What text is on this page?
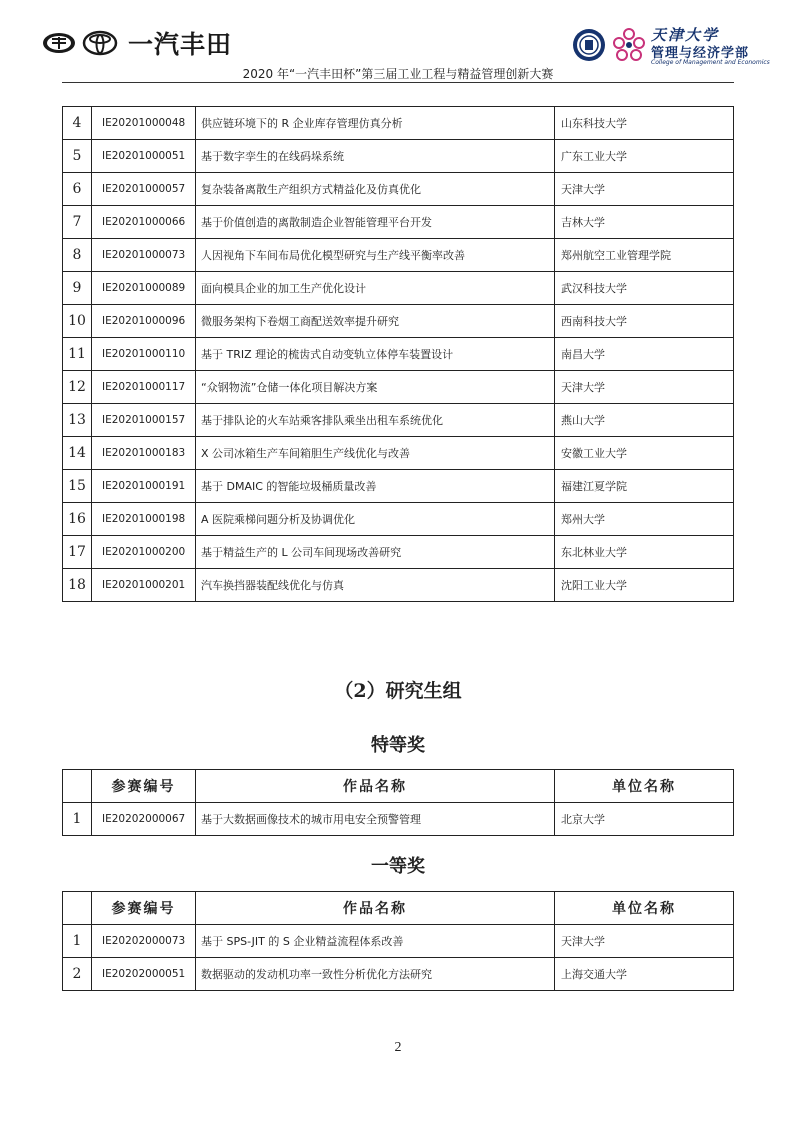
一汽丰田	天津大学
管理与经济学部
College of Management and Economics
2020 年“一汽丰田杯”第三届工业工程与精益管理创新大赛
4	IE20201000048	供应链环境下的 R 企业库存管理仿真分析	山东科技大学
5	IE20201000051	基于数字孪生的在线码垛系统	广东工业大学
6	IE20201000057	复杂装备离散生产组织方式精益化及仿真优化	天津大学
7	IE20201000066	基于价值创造的离散制造企业智能管理平台开发	吉林大学
8	IE20201000073	人因视角下车间布局优化模型研究与生产线平衡率改善	郑州航空工业管理学院
9	IE20201000089	面向模具企业的加工生产优化设计	武汉科技大学
10	IE20201000096	微服务架构下卷烟工商配送效率提升研究	西南科技大学
11	IE20201000110	基于 TRIZ 理论的梳齿式自动变轨立体停车装置设计	南昌大学
12	IE20201000117	“众钢物流”仓储一体化项目解决方案	天津大学
13	IE20201000157	基于排队论的火车站乘客排队乘坐出租车系统优化	燕山大学
14	IE20201000183	X 公司冰箱生产车间箱胆生产线优化与改善	安徽工业大学
15	IE20201000191	基于 DMAIC 的智能垃圾桶质量改善	福建江夏学院
16	IE20201000198	A 医院乘梯问题分析及协调优化	郑州大学
17	IE20201000200	基于精益生产的 L 公司车间现场改善研究	东北林业大学
18	IE20201000201	汽车换挡器装配线优化与仿真	沈阳工业大学
（2）研究生组
特等奖
	参赛编号	作品名称	单位名称
1	IE20202000067	基于大数据画像技术的城市用电安全预警管理	北京大学
一等奖
	参赛编号	作品名称	单位名称
1	IE20202000073	基于 SPS-JIT 的 S 企业精益流程体系改善	天津大学
2	IE20202000051	数据驱动的发动机功率一致性分析优化方法研究	上海交通大学
2
